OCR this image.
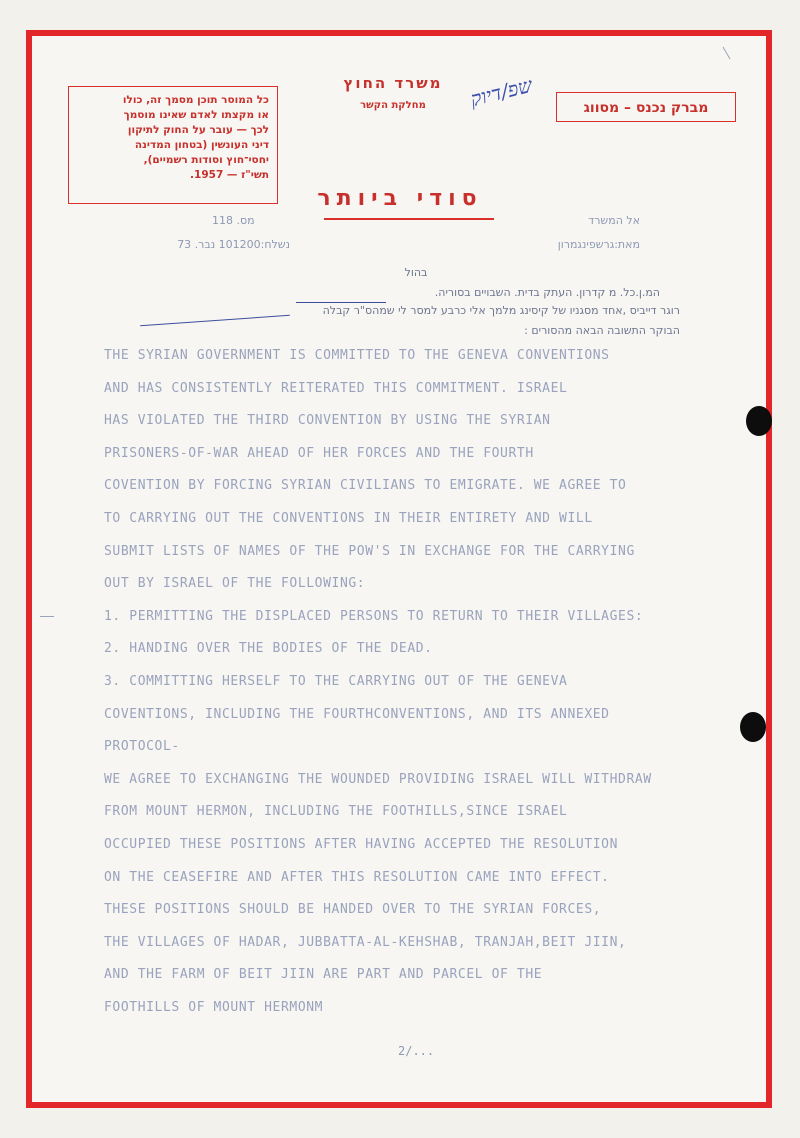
כל המוסר תוכן מסמך זה, כולו
או מקצתו לאדם שאינו מוסמך
לכך — עובר על החוק לתיקון
דיני העונשין (בטחון המדינה
יחסי־חוץ וסודות רשמיים),
תשי"ז — 1957.
משרד החוץ
מחלקת הקשר	שפ/דיוק	מברק נכנס – מסווג
סודי ביותר
אל המשרד
מאת:גרשפינגמרון
118 .מס
נשלח:101200 נבר. 73
בהול
המ.ן.כל. מ קדרון. העתק בדית. השבויים בסוריה.
רוגר דייביס ,אחד מסגניו של קיסינג מלמך אלי כרבע למסר לי שמהס"ר קבלה
הבוקר התשובה הבאה מהסורים :
THE SYRIAN GOVERNMENT IS COMMITTED TO THE GENEVA CONVENTIONS
AND HAS CONSISTENTLY REITERATED THIS COMMITMENT. ISRAEL
HAS VIOLATED THE THIRD CONVENTION BY USING THE SYRIAN
PRISONERS-OF-WAR AHEAD OF HER FORCES AND THE FOURTH
COVENTION BY FORCING SYRIAN CIVILIANS TO EMIGRATE. WE AGREE TO
TO CARRYING OUT THE CONVENTIONS IN THEIR ENTIRETY AND WILL
SUBMIT LISTS OF NAMES OF THE POW'S IN EXCHANGE FOR THE CARRYING
OUT BY ISRAEL OF THE FOLLOWING:
1. PERMITTING THE DISPLACED PERSONS TO RETURN TO THEIR VILLAGES:
2. HANDING OVER THE BODIES OF THE DEAD.
3. COMMITTING HERSELF TO THE CARRYING OUT OF THE GENEVA
COVENTIONS, INCLUDING THE FOURTHCONVENTIONS, AND ITS ANNEXED
PROTOCOL-
WE AGREE TO EXCHANGING THE WOUNDED PROVIDING ISRAEL WILL WITHDRAW
FROM MOUNT HERMON, INCLUDING THE FOOTHILLS,SINCE ISRAEL
OCCUPIED THESE POSITIONS AFTER HAVING ACCEPTED THE RESOLUTION
ON THE CEASEFIRE AND AFTER THIS RESOLUTION CAME INTO EFFECT.
THESE POSITIONS SHOULD BE HANDED OVER TO THE SYRIAN FORCES,
THE VILLAGES OF HADAR, JUBBATTA-AL-KEHSHAB, TRANJAH,BEIT JIIN,
AND THE FARM OF BEIT JIIN ARE PART AND PARCEL OF THE
FOOTHILLS OF MOUNT HERMONM
2/...
